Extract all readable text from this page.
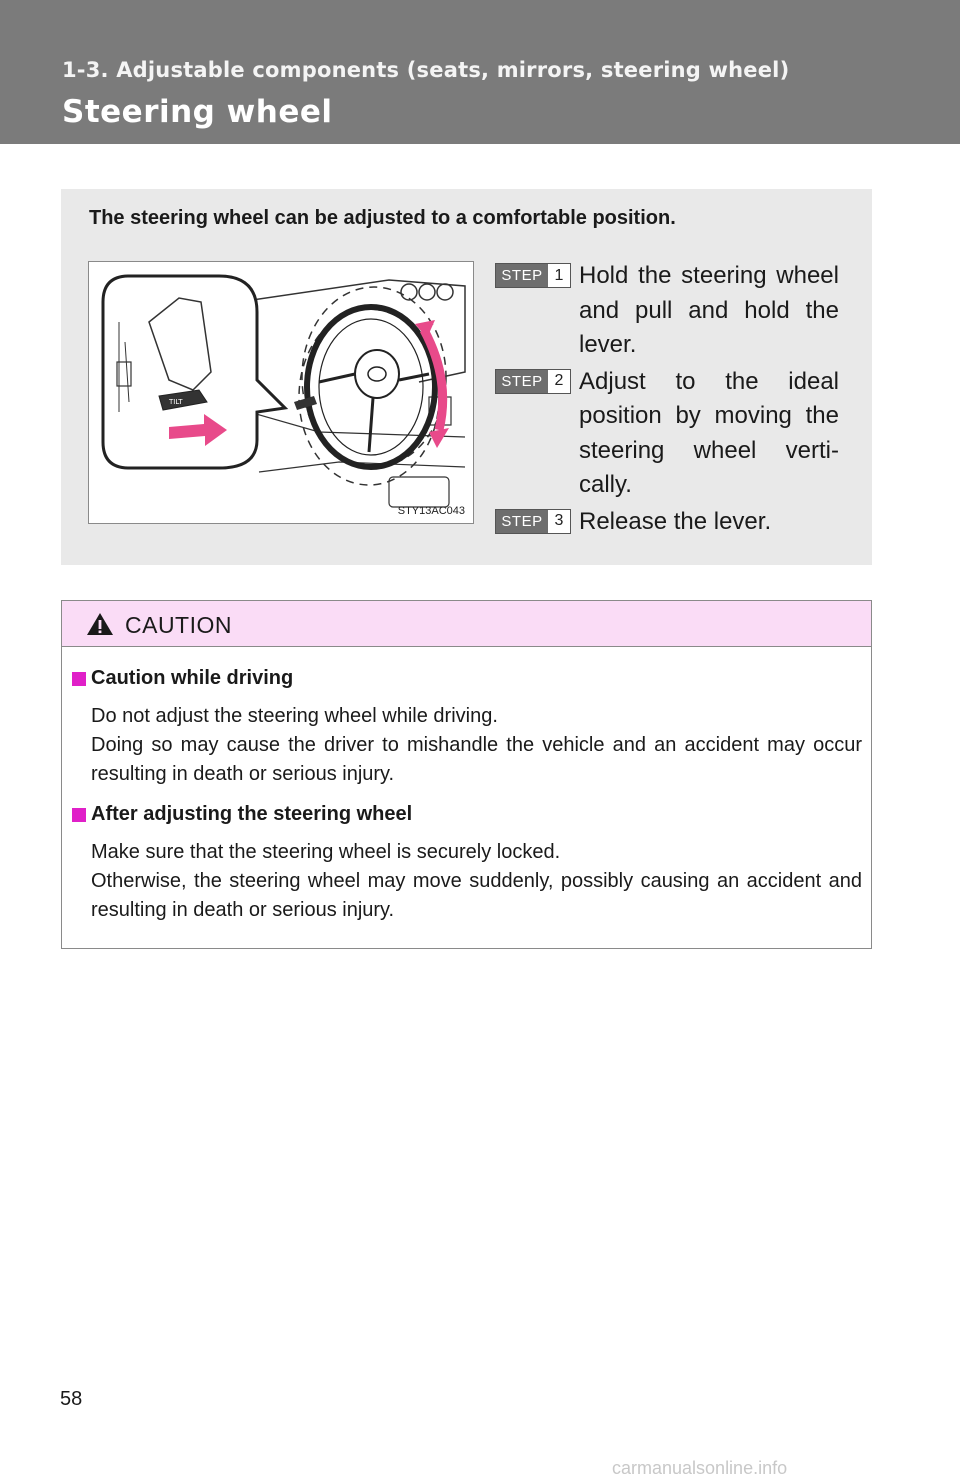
1-3. Adjustable components (seats, mirrors, steering wheel)
Steering wheel

The steering wheel can be adjusted to a comfortable position.

TILT
STY13AC043
STEP 1 Hold the steering wheel and pull and hold the lever.
STEP 2 Adjust to the ideal position by moving the steering wheel verti-cally.
STEP 3 Release the lever.
CAUTION
Caution while driving

Do not adjust the steering wheel while driving.

Doing so may cause the driver to mishandle the vehicle and an accident may occur resulting in death or serious injury.

After adjusting the steering wheel

Make sure that the steering wheel is securely locked.

Otherwise, the steering wheel may move suddenly, possibly causing an accident and resulting in death or serious injury.

58
carmanualsonline.info
